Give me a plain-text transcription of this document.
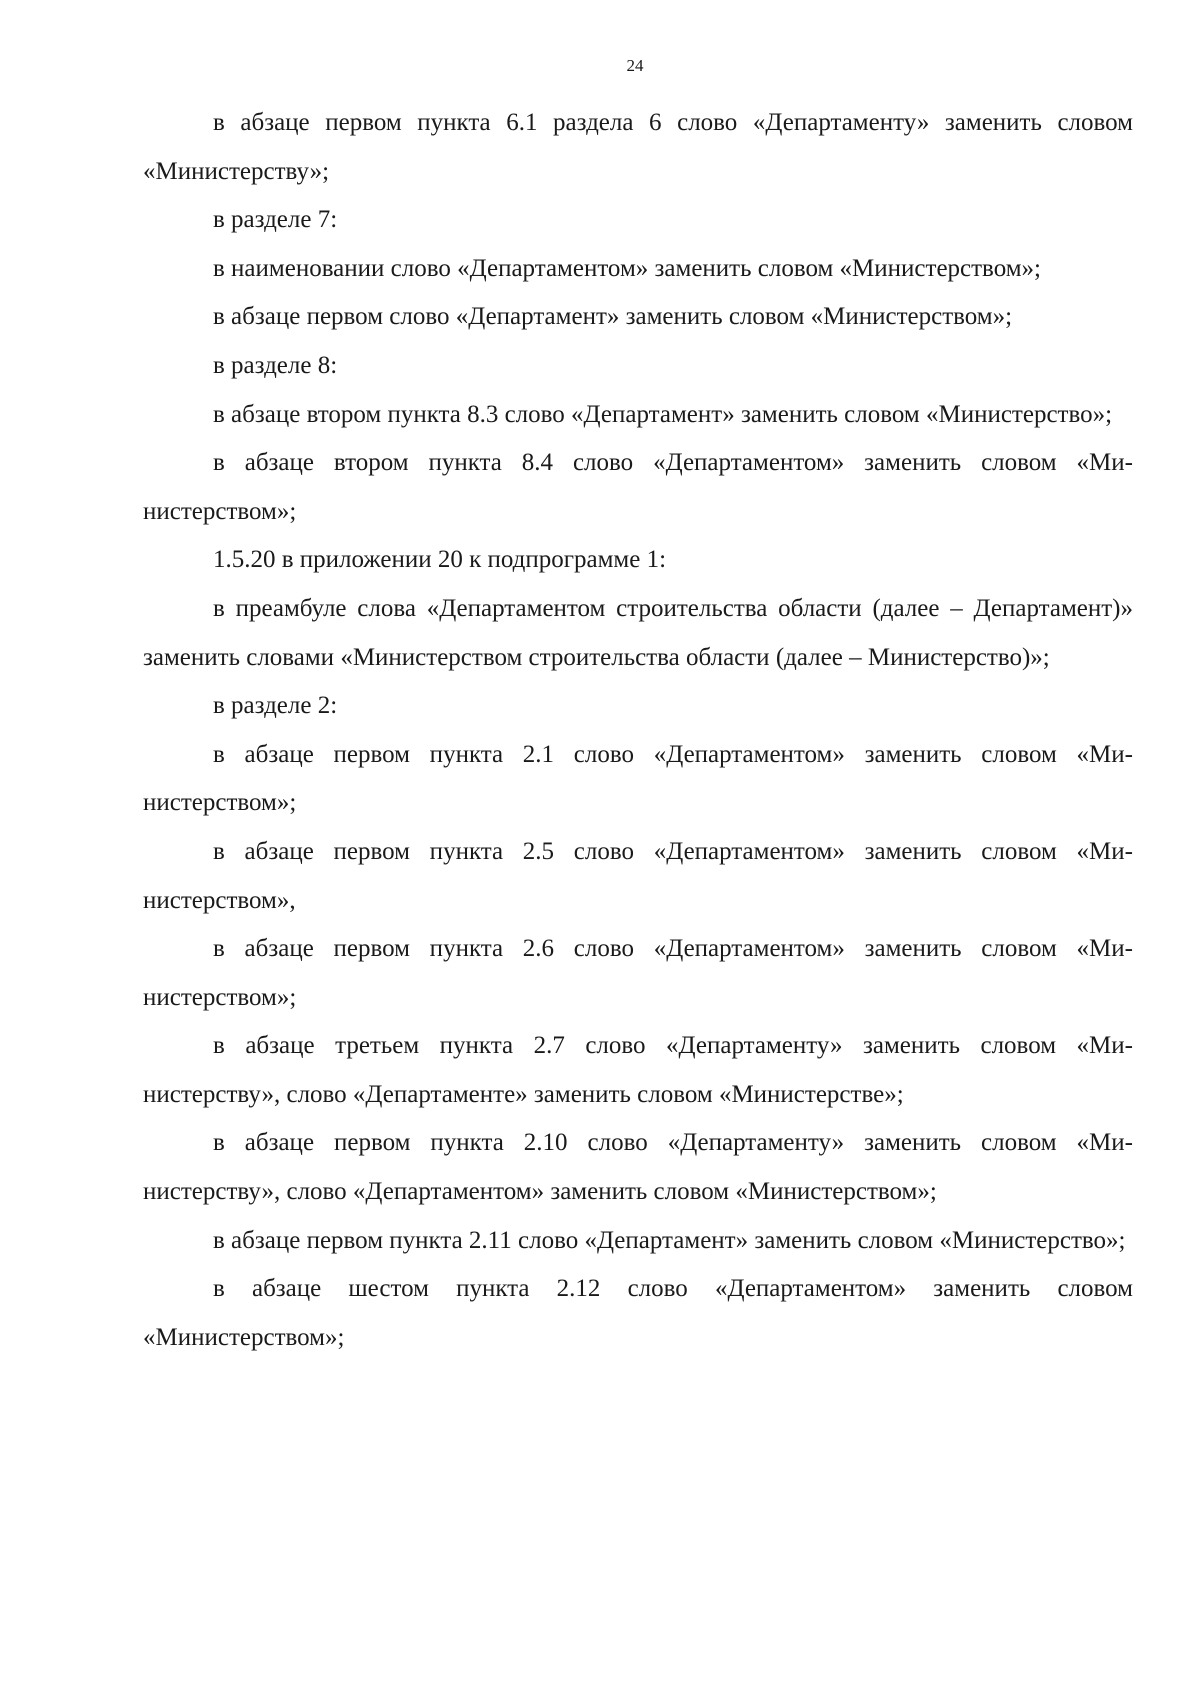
24

в абзаце первом пункта 6.1 раздела 6 слово «Департаменту» заменить словом «Министерству»;

в разделе 7:

в наименовании слово «Департаментом» заменить словом «Министерством»;

в абзаце первом слово «Департамент» заменить словом «Министерством»;

в разделе 8:

в абзаце втором пункта 8.3 слово «Департамент» заменить словом «Министерство»;

в абзаце втором пункта 8.4 слово «Департаментом» заменить словом «Министерством»;

1.5.20 в приложении 20 к подпрограмме 1:

в преамбуле слова «Департаментом строительства области (далее – Департамент)» заменить словами «Министерством строительства области (далее – Министерство)»;

в разделе 2:

в абзаце первом пункта 2.1 слово «Департаментом» заменить словом «Министерством»;

в абзаце первом пункта 2.5 слово «Департаментом» заменить словом «Министерством»,

в абзаце первом пункта 2.6 слово «Департаментом» заменить словом «Министерством»;

в абзаце третьем пункта 2.7 слово «Департаменту» заменить словом «Министерству», слово «Департаменте» заменить словом «Министерстве»;

в абзаце первом пункта 2.10 слово «Департаменту» заменить словом «Министерству», слово «Департаментом» заменить словом «Министерством»;

в абзаце первом пункта 2.11 слово «Департамент» заменить словом «Министерство»;

в абзаце шестом пункта 2.12 слово «Департаментом» заменить словом «Министерством»;
